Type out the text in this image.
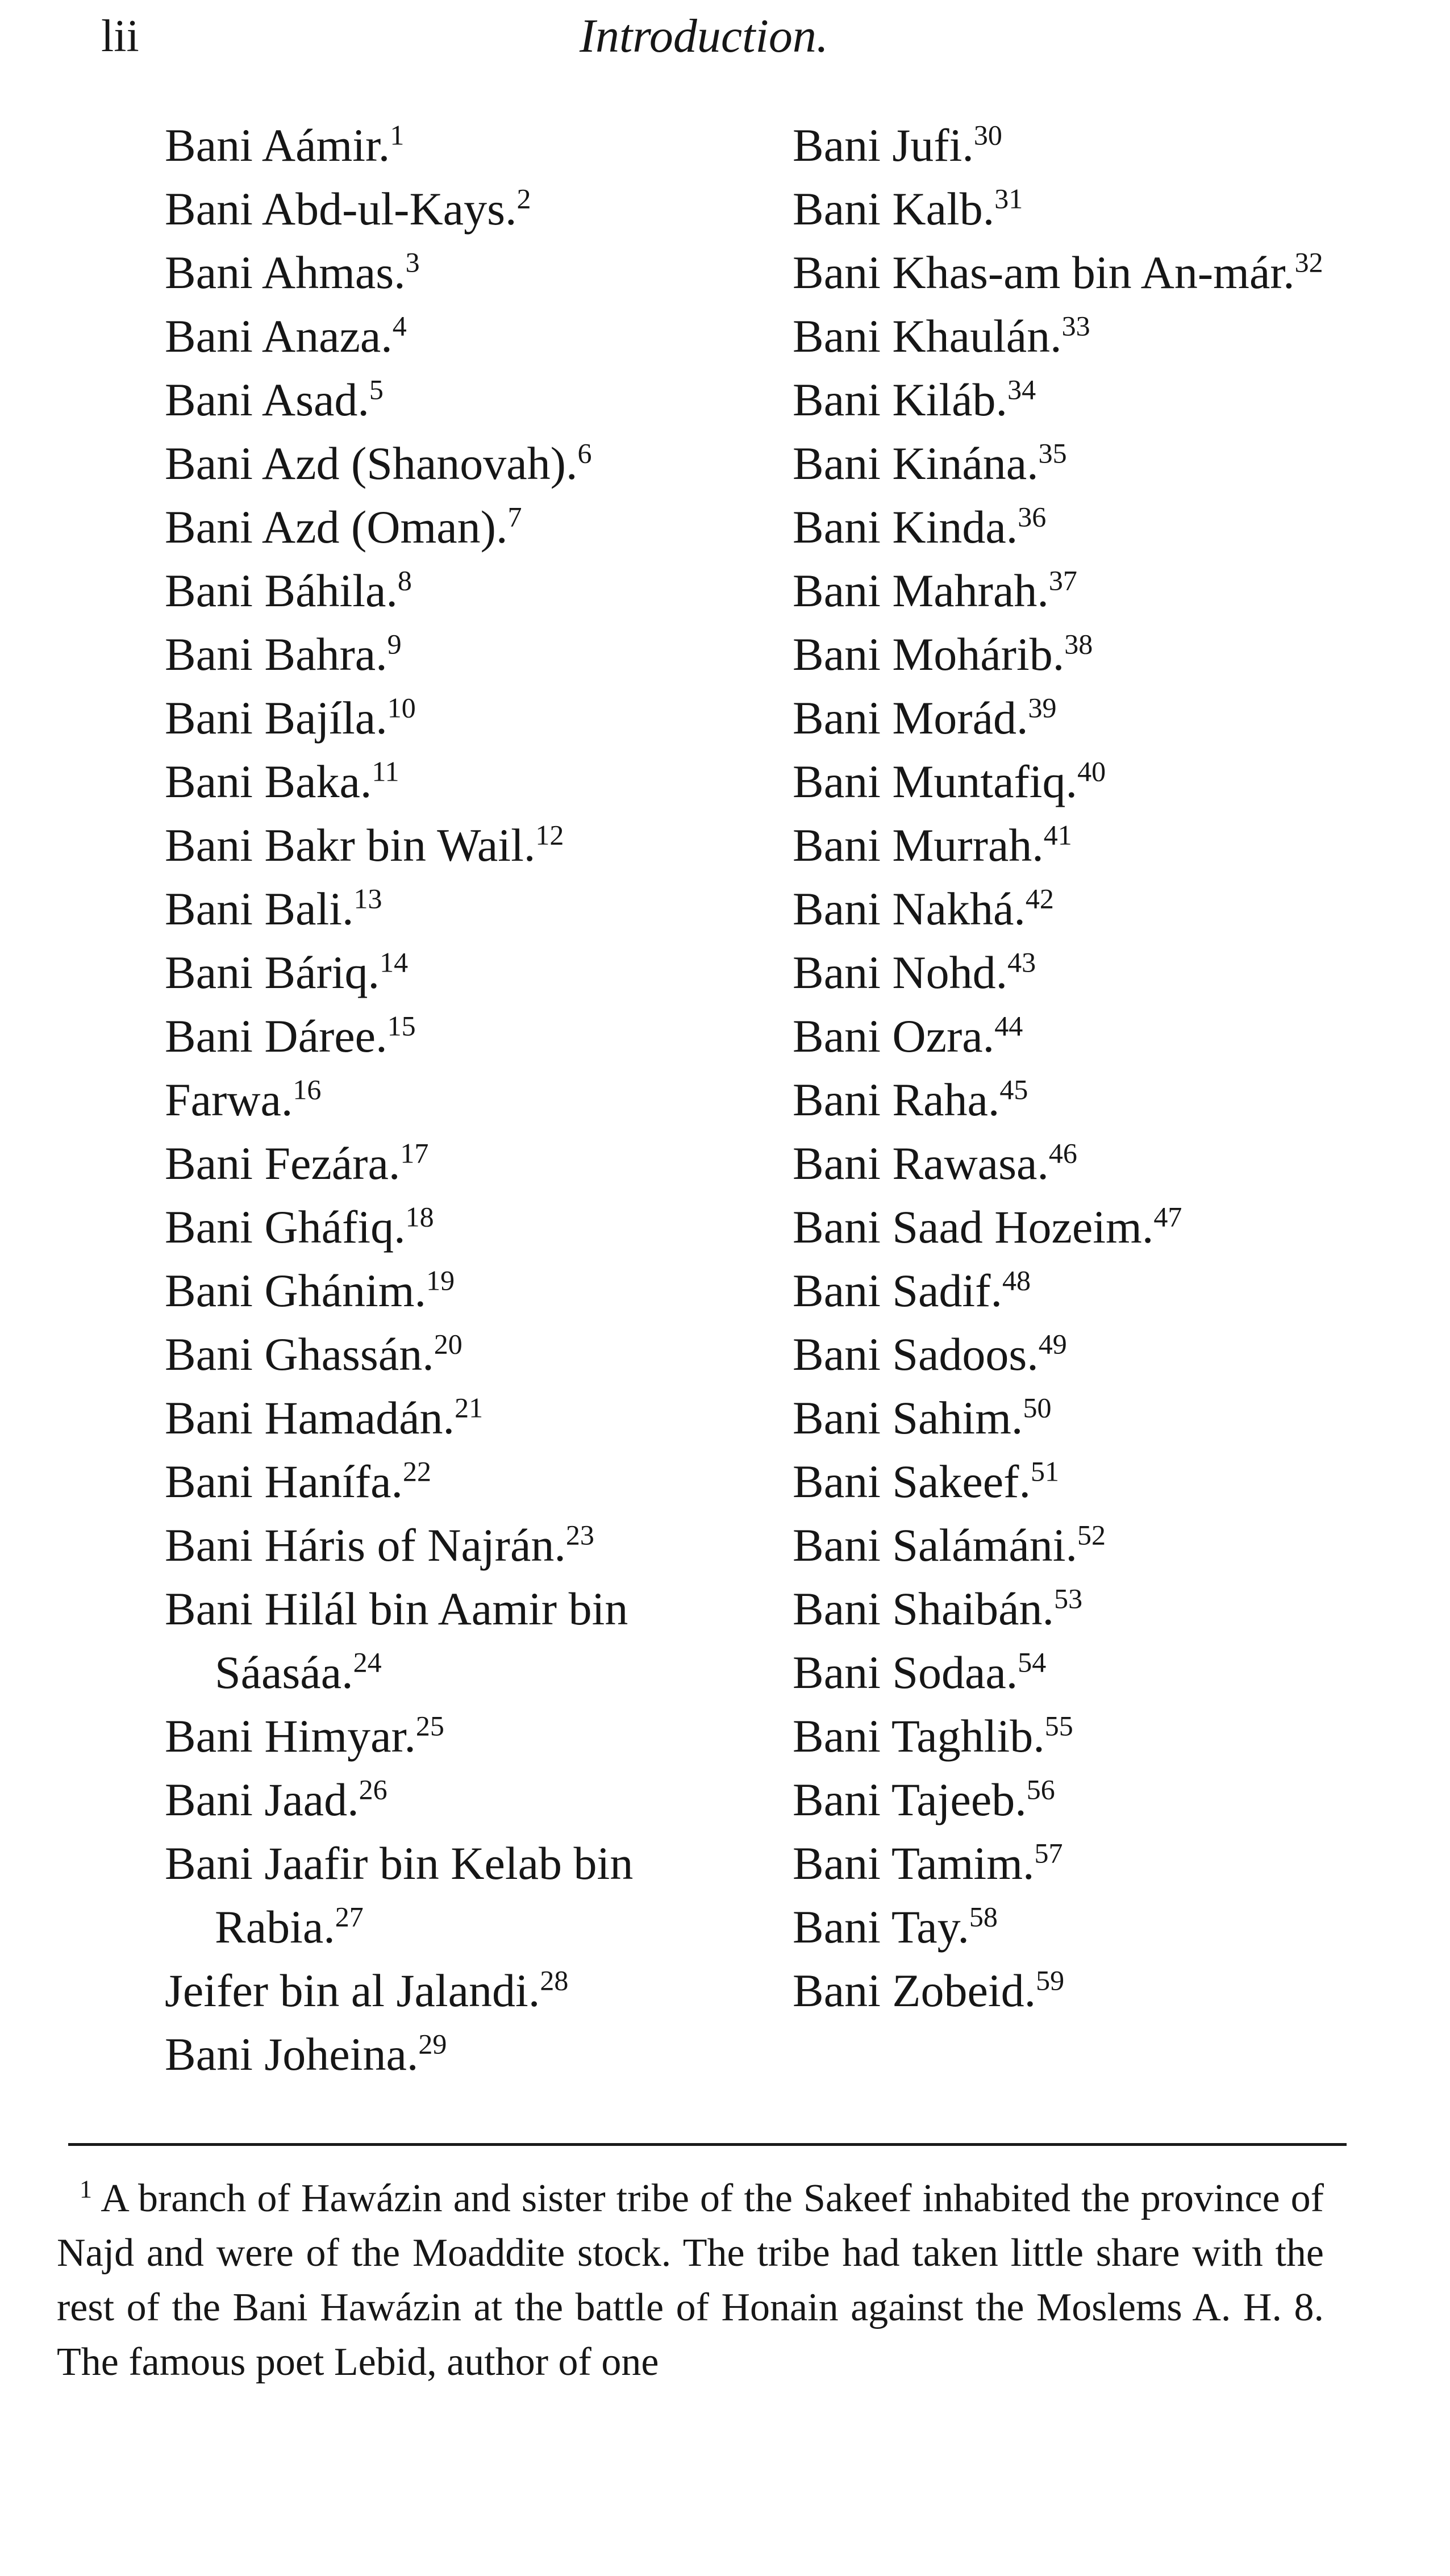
lii	Introduction.
Bani Aámir.$^1$
Bani Abd-ul-Kays.$^2$
Bani Ahmas.$^3$
Bani Anaza.$^4$
Bani Asad.$^5$
Bani Azd (Shanovah).$^6$
Bani Azd (Oman).$^7$
Bani Báhila.$^8$
Bani Bahra.$^9$
Bani Bajíla.$^{10}$
Bani Baka.$^{11}$
Bani Bakr bin Wail.$^{12}$
Bani Bali.$^{13}$
Bani Báriq.$^{14}$
Bani Dáree.$^{15}$
Farwa.$^{16}$
Bani Fezára.$^{17}$
Bani Gháfiq.$^{18}$
Bani Ghánim.$^{19}$
Bani Ghassán.$^{20}$
Bani Hamadán.$^{21}$
Bani Hanífa.$^{22}$
Bani Háris of Najrán.$^{23}$
Bani Hilál bin Aamir bin Sáasáa.$^{24}$
Bani Himyar.$^{25}$
Bani Jaad.$^{26}$
Bani Jaafir bin Kelab bin Rabia.$^{27}$
Jeifer bin al Jalandi.$^{28}$
Bani Joheina.$^{29}$
Bani Jufi.$^{30}$
Bani Kalb.$^{31}$
Bani Khas-am bin An-már.$^{32}$
Bani Khaulán.$^{33}$
Bani Kiláb.$^{34}$
Bani Kinána.$^{35}$
Bani Kinda.$^{36}$
Bani Mahrah.$^{37}$
Bani Mohárib.$^{38}$
Bani Morád.$^{39}$
Bani Muntafiq.$^{40}$
Bani Murrah.$^{41}$
Bani Nakhá.$^{42}$
Bani Nohd.$^{43}$
Bani Ozra.$^{44}$
Bani Raha.$^{45}$
Bani Rawasa.$^{46}$
Bani Saad Hozeim.$^{47}$
Bani Sadif.$^{48}$
Bani Sadoos.$^{49}$
Bani Sahim.$^{50}$
Bani Sakeef.$^{51}$
Bani Salámáni.$^{52}$
Bani Shaibán.$^{53}$
Bani Sodaa.$^{54}$
Bani Taghlib.$^{55}$
Bani Tajeeb.$^{56}$
Bani Tamim.$^{57}$
Bani Tay.$^{58}$
Bani Zobeid.$^{59}$

$^1$ A branch of Hawázin and sister tribe of the Sakeef inhabited the province of Najd and were of the Moaddite stock. The tribe had taken little share with the rest of the Bani Hawázin at the battle of Honain against the Moslems A. H. 8. The famous poet Lebid, author of one
